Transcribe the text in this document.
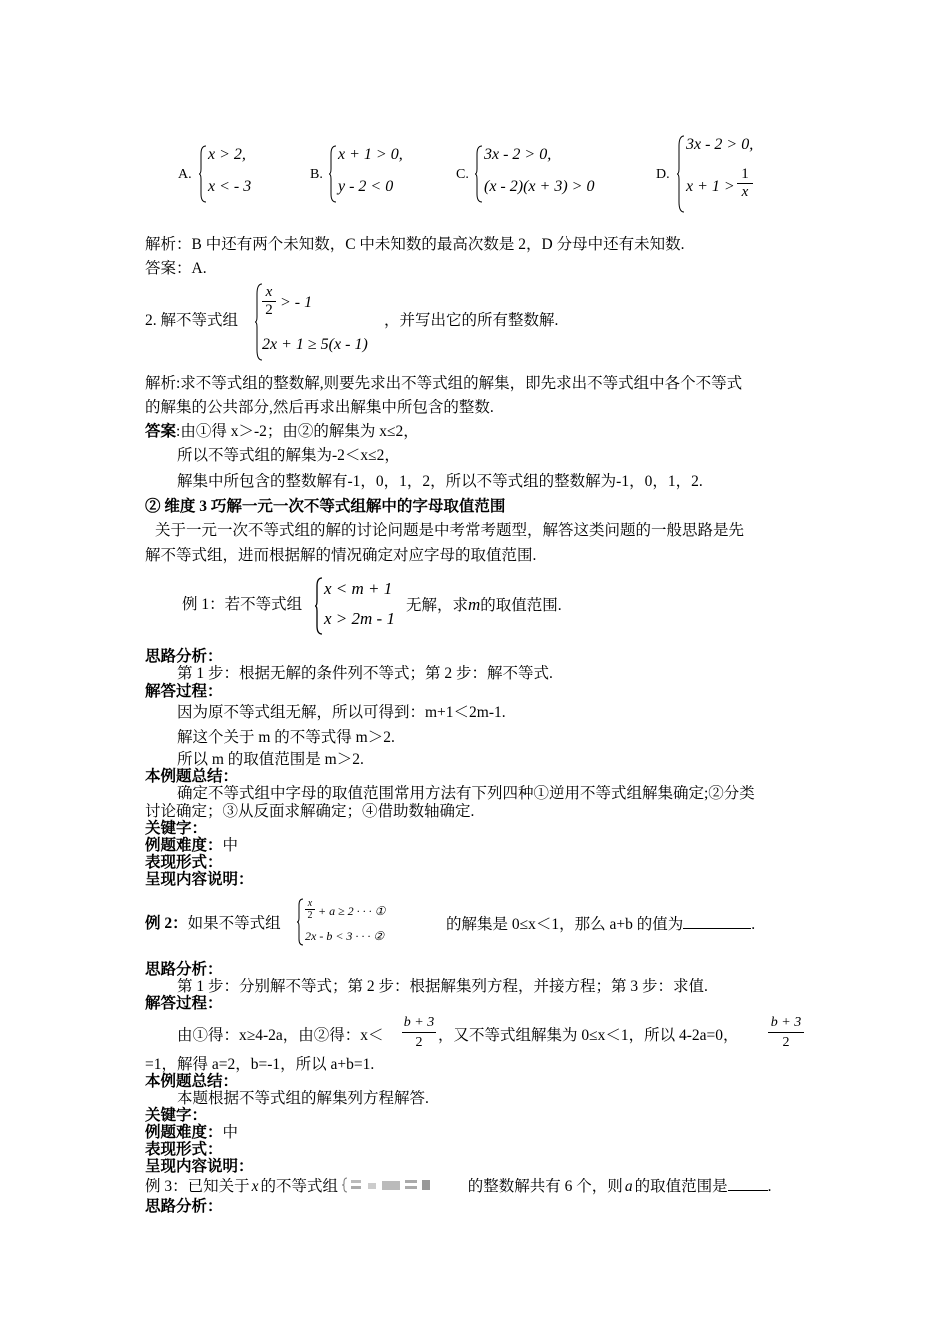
A.
x > 2,
x < - 3
B.
x + 1 > 0,
y - 2 < 0
C.
3x - 2 > 0,
(x - 2)(x + 3) > 0
D.
3x - 2 > 0,
$x + 1 > \frac{1}{x}$
解析：B 中还有两个未知数，C 中未知数的最高次数是 2，D 分母中还有未知数.
答案：A.
2. 解不等式组
$\frac{x}{2}$ > - 1
2x + 1 ≥ 5(x - 1)
，并写出它的所有整数解.
解析:求不等式组的整数解,则要先求出不等式组的解集，即先求出不等式组中各个不等式
的解集的公共部分,然后再求出解集中所包含的整数.
答案:由①得 x＞-2；由②的解集为 x≤2，
所以不等式组的解集为-2＜x≤2，
解集中所包含的整数解有-1，0，1，2，所以不等式组的整数解为-1，0，1，2.
② 维度 3 巧解一元一次不等式组解中的字母取值范围
关于一元一次不等式组的解的讨论问题是中考常考题型，解答这类问题的一般思路是先
解不等式组，进而根据解的情况确定对应字母的取值范围.
例 1：若不等式组
x < m + 1
x > 2m - 1
无解，求m的取值范围.
思路分析：
第 1 步：根据无解的条件列不等式；第 2 步：解不等式.
解答过程：
因为原不等式组无解，所以可得到：m+1＜2m-1.
解这个关于 m 的不等式得 m＞2.
所以 m 的取值范围是 m＞2.
本例题总结：
确定不等式组中字母的取值范围常用方法有下列四种①逆用不等式组解集确定;②分类
讨论确定；③从反面求解确定；④借助数轴确定.
关键字：
例题难度：中
表现形式：
呈现内容说明：
例 2：如果不等式组
$\frac{x}{2} + a \ge 2$ · · · ①
2x - b < 3 · · · ②
的解集是 0≤x＜1，那么 a+b 的值为	.
思路分析：
第 1 步：分别解不等式；第 2 步：根据解集列方程，并接方程；第 3 步：求值.
解答过程：
由①得：x≥4-2a，由②得：$x< \frac{b + 3}{2}$ ，又不等式组解集为 0≤x＜1，所以 4-2a=0， $\frac{b + 3}{2}$
=1，解得 a=2，b=-1，所以 a+b=1.
本例题总结：
本题根据不等式组的解集列方程解答.
关键字：
例题难度：中
表现形式：
呈现内容说明：
例 3：已知关于 x 的不等式组	的整数解共有 6 个，则 a 的取值范围是	.
思路分析：
